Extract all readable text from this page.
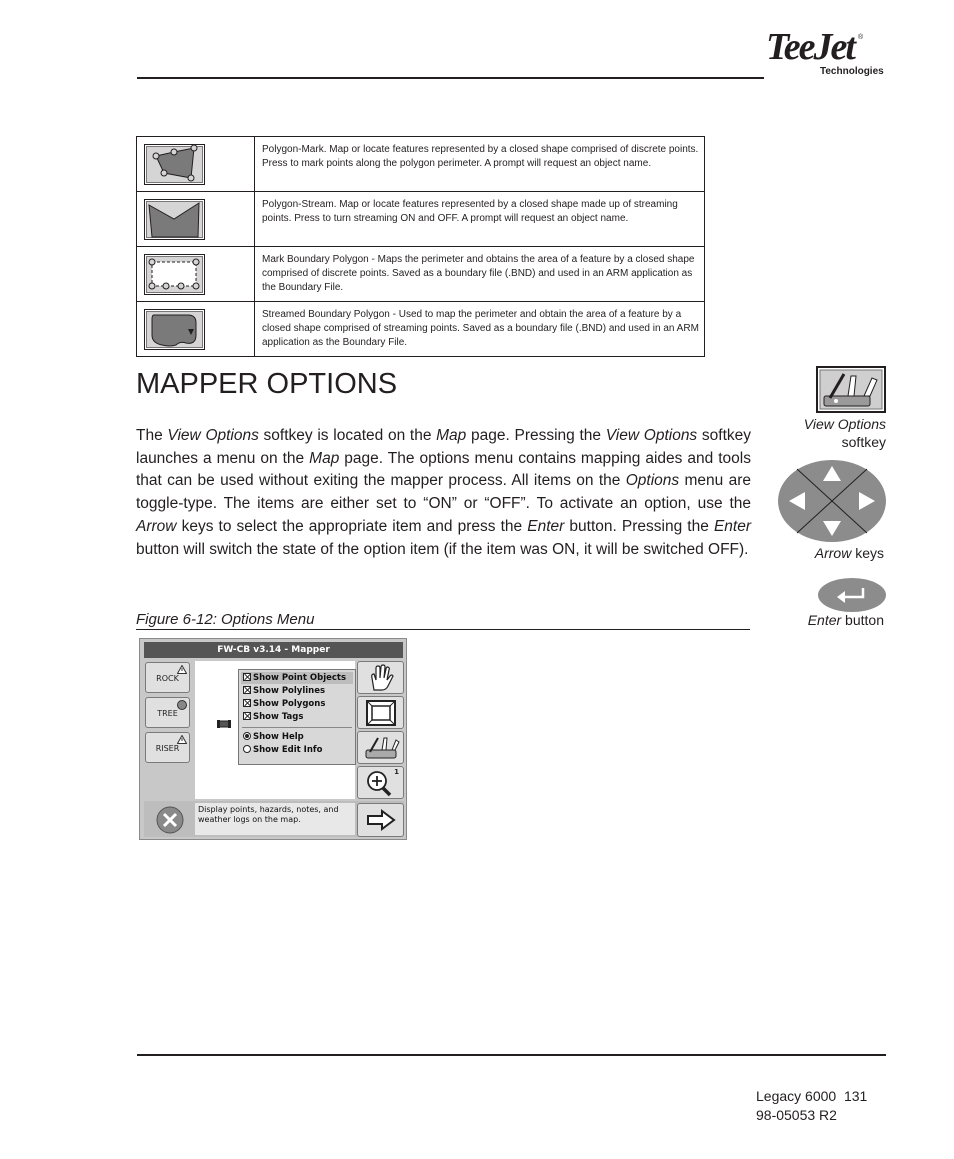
TeeJet ®
Technologies
Polygon-Mark. Map or locate features represented by a closed shape comprised of discrete points. Press to mark points along the polygon perimeter. A prompt will request an object name.
Polygon-Stream. Map or locate features represented by a closed shape made up of streaming points. Press to turn streaming ON and OFF. A prompt will request an object name.
Mark Boundary Polygon - Maps the perimeter and obtains the area of a feature by a closed shape comprised of discrete points. Saved as a boundary file (.BND) and used in an ARM application as the Boundary File.
Streamed Boundary Polygon - Used to map the perimeter and obtain the area of a feature by a closed shape comprised of streaming points. Saved as a boundary file (.BND) and used in an ARM application as the Boundary File.
MAPPER OPTIONS
The View Options softkey is located on the Map page. Pressing the View Options softkey launches a menu on the Map page. The options menu contains mapping aides and tools that can be used without exiting the mapper process. All items on the Options menu are toggle-type. The items are either set to “ON” or “OFF”. To activate an option, use the Arrow keys to select the appropriate item and press the Enter button. Pressing the Enter button will switch the state of the option item (if the item was ON, it will be switched OFF).
Figure 6-12: Options Menu
FW-CB v3.14 - Mapper
ROCK
TREE
RISER
Show Point Objects
Show Polylines
Show Polygons
Show Tags
Show Help
Show Edit Info
1
Display points, hazards, notes, and weather logs on the map.
View Options
softkey
Arrow keys
Enter button
Legacy 6000  131
98-05053 R2
